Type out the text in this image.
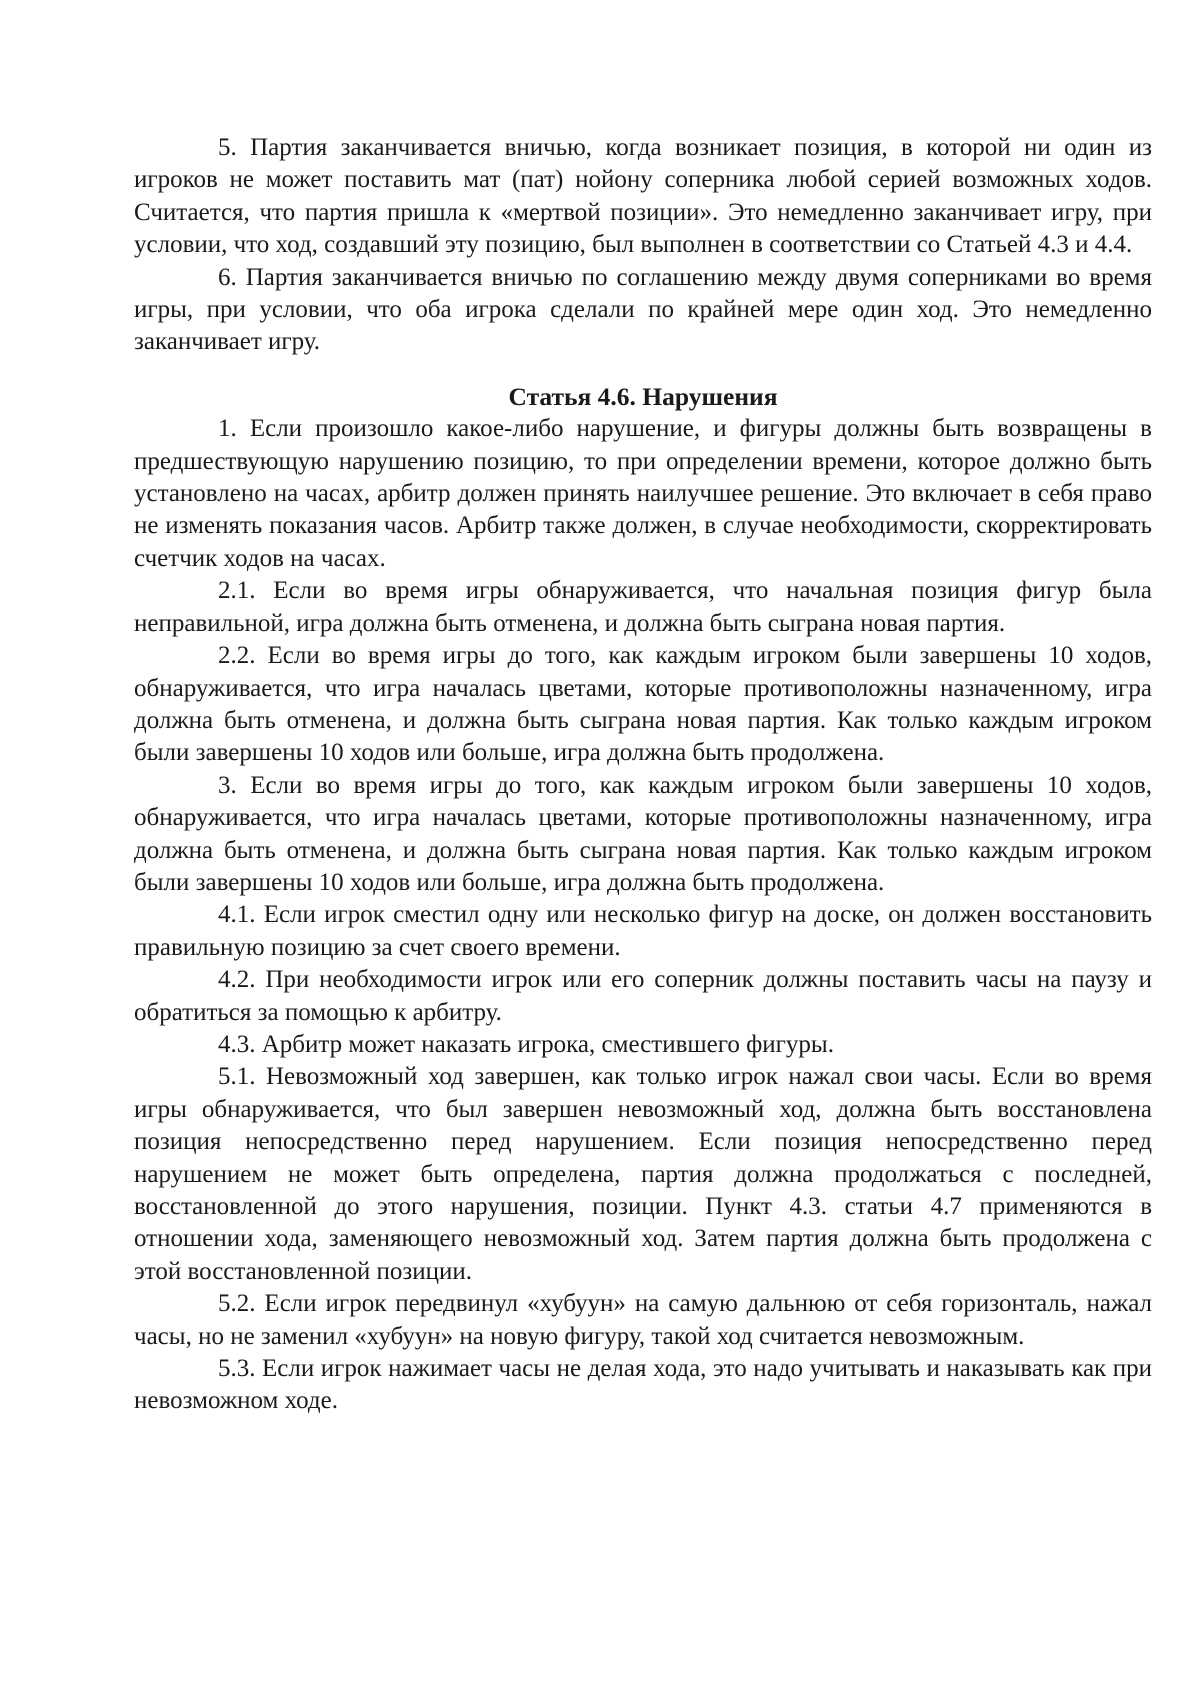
5. Партия заканчивается вничью, когда возникает позиция, в которой ни один из игроков не может поставить мат (пат) нойону соперника любой серией возможных ходов. Считается, что партия пришла к «мертвой позиции». Это немедленно заканчивает игру, при условии, что ход, создавший эту позицию, был выполнен в соответствии со Статьей 4.3 и 4.4.

6. Партия заканчивается вничью по соглашению между двумя соперниками во время игры, при условии, что оба игрока сделали по крайней мере один ход. Это немедленно заканчивает игру.

Статья 4.6. Нарушения

1. Если произошло какое-либо нарушение, и фигуры должны быть возвращены в предшествующую нарушению позицию, то при определении времени, которое должно быть установлено на часах, арбитр должен принять наилучшее решение. Это включает в себя право не изменять показания часов. Арбитр также должен, в случае необходимости, скорректировать счетчик ходов на часах.

2.1. Если во время игры обнаруживается, что начальная позиция фигур была неправильной, игра должна быть отменена, и должна быть сыграна новая партия.

2.2. Если во время игры до того, как каждым игроком были завершены 10 ходов, обнаруживается, что игра началась цветами, которые противоположны назначенному, игра должна быть отменена, и должна быть сыграна новая партия. Как только каждым игроком были завершены 10 ходов или больше, игра должна быть продолжена.

3. Если во время игры до того, как каждым игроком были завершены 10 ходов, обнаруживается, что игра началась цветами, которые противоположны назначенному, игра должна быть отменена, и должна быть сыграна новая партия. Как только каждым игроком были завершены 10 ходов или больше, игра должна быть продолжена.

4.1. Если игрок сместил одну или несколько фигур на доске, он должен восстановить правильную позицию за счет своего времени.

4.2. При необходимости игрок или его соперник должны поставить часы на паузу и обратиться за помощью к арбитру.

4.3. Арбитр может наказать игрока, сместившего фигуры.

5.1. Невозможный ход завершен, как только игрок нажал свои часы. Если во время игры обнаруживается, что был завершен невозможный ход, должна быть восстановлена позиция непосредственно перед нарушением. Если позиция непосредственно перед нарушением не может быть определена, партия должна продолжаться с последней, восстановленной до этого нарушения, позиции. Пункт 4.3. статьи 4.7 применяются в отношении хода, заменяющего невозможный ход. Затем партия должна быть продолжена с этой восстановленной позиции.

5.2. Если игрок передвинул «хубуун» на самую дальнюю от себя горизонталь, нажал часы, но не заменил «хубуун» на новую фигуру, такой ход считается невозможным.

5.3. Если игрок нажимает часы не делая хода, это надо учитывать и наказывать как при невозможном ходе.
